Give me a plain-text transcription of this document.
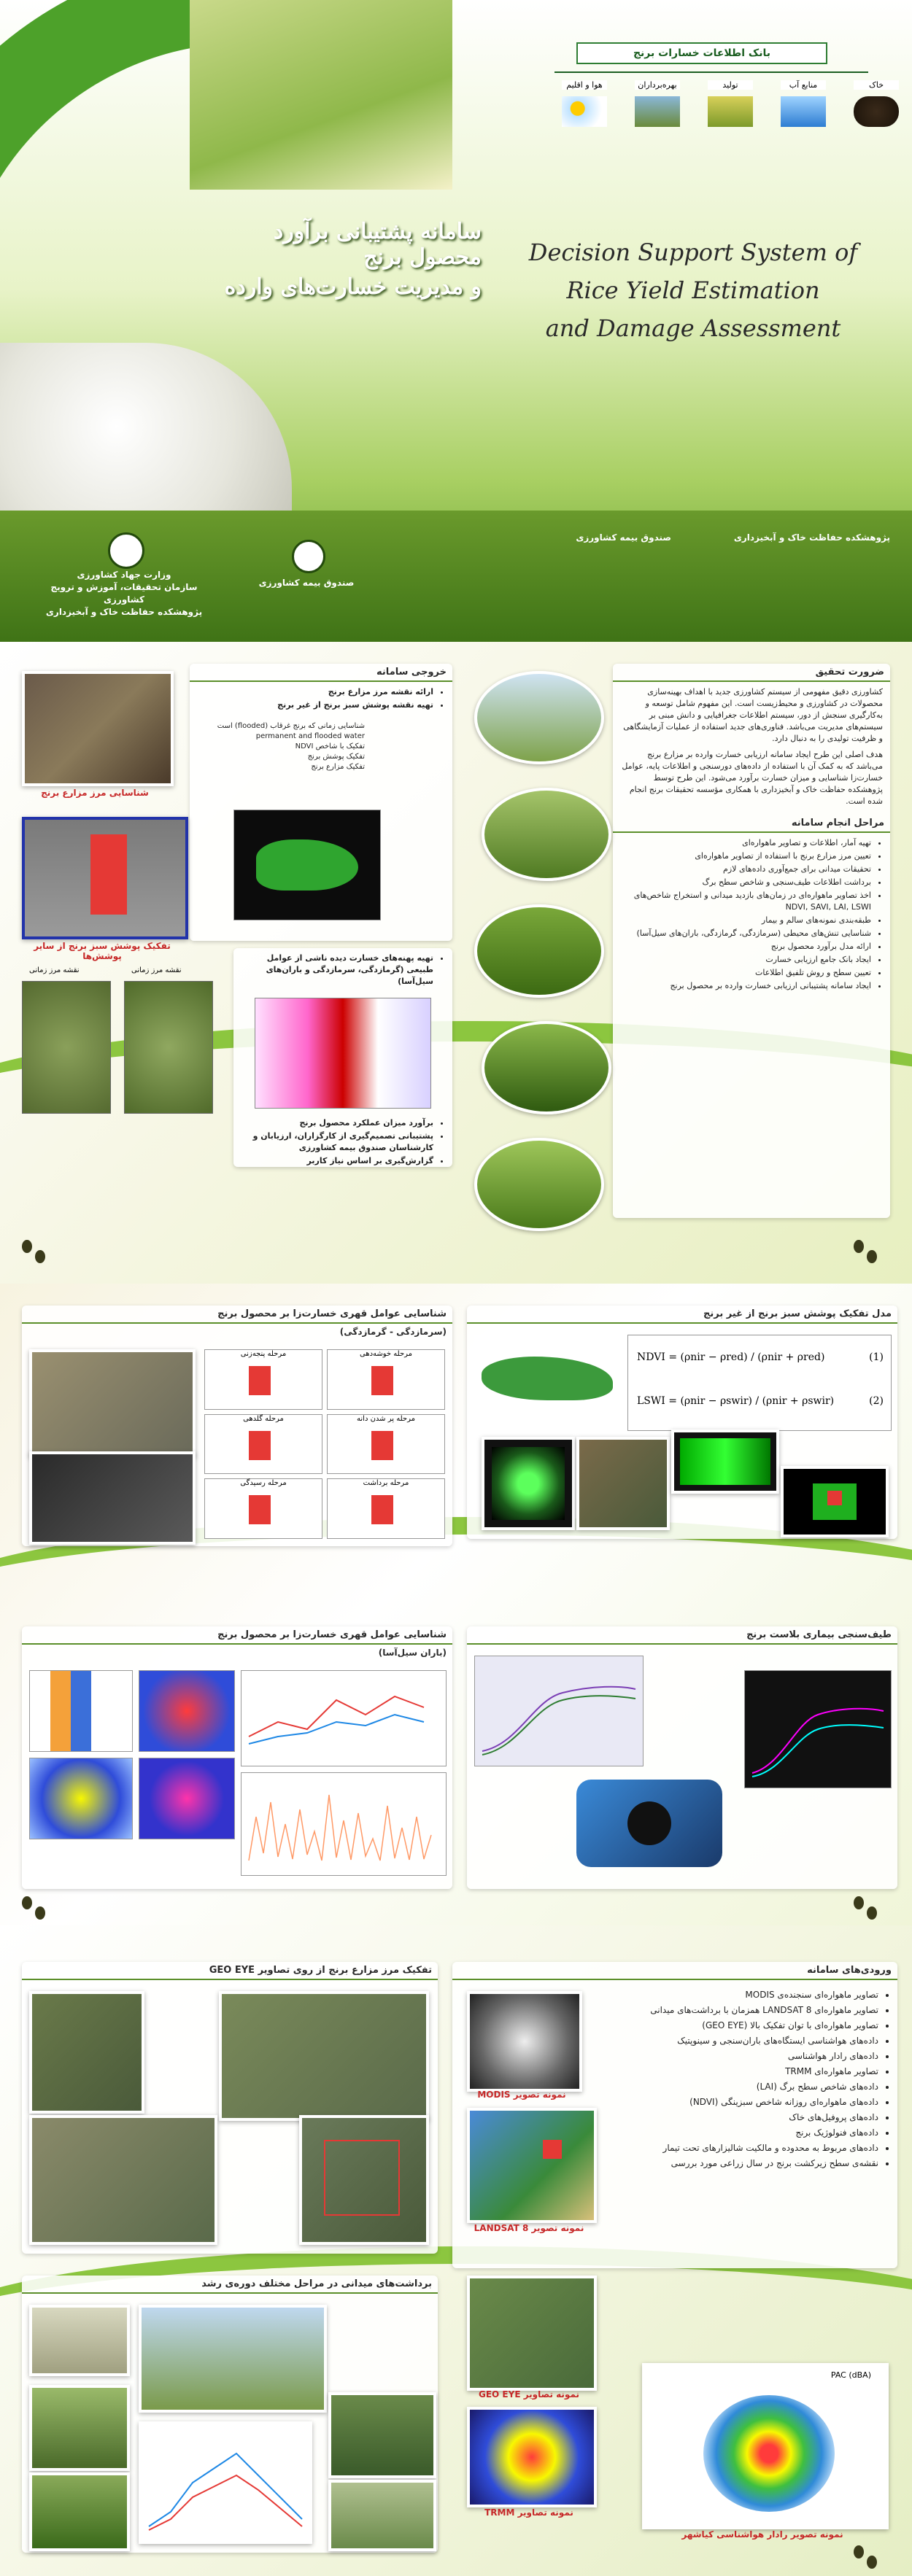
بانک اطلاعات خسارات برنج
خاک
منابع آب
تولید
بهره‌برداران
هوا و اقلیم
سامانه پشتیبانی برآورد محصول برنج
و مدیریت خسارت‌های وارده
Decision Support System of
Rice Yield Estimation
and Damage Assessment
وزارت جهاد کشاورزی
سازمان تحقیقات، آموزش و ترویج کشاورزی
پژوهشکده حفاظت خاک و آبخیزداری
صندوق بیمه کشاورزی
صندوق بیمه کشاورزی	پژوهشکده حفاظت خاک و آبخیزداری
ضرورت تحقیق
کشاورزی دقیق مفهومی از سیستم کشاورزی جدید با اهداف بهینه‌سازی محصولات در کشاورزی و محیط‌زیست است. این مفهوم شامل توسعه و به‌کارگیری سنجش از دور، سیستم اطلاعات جغرافیایی و دانش مبنی بر سیستم‌های مدیریت می‌باشد. فناوری‌های جدید استفاده از عملیات آزمایشگاهی و ظرفیت تولیدی را به دنبال دارد.
هدف اصلی این طرح ایجاد سامانه ارزیابی خسارت وارده بر مزارع برنج می‌باشد که به کمک آن با استفاده از داده‌های دورسنجی و اطلاعات پایه، عوامل خسارت‌زا شناسایی و میزان خسارت برآورد می‌شود. این طرح توسط پژوهشکده حفاظت خاک و آبخیزداری با همکاری مؤسسه تحقیقات برنج انجام شده است.
مراحل انجام سامانه
• تهیه آمار، اطلاعات و تصاویر ماهواره‌ای
• تعیین مرز مزارع برنج با استفاده از تصاویر ماهواره‌ای
• تحقیقات میدانی برای جمع‌آوری داده‌های لازم
• برداشت اطلاعات طیف‌سنجی و شاخص سطح برگ
• اخذ تصاویر ماهواره‌ای در زمان‌های بازدید میدانی و استخراج شاخص‌های NDVI, SAVI, LAI, LSWI
• طبقه‌بندی نمونه‌های سالم و بیمار
• شناسایی تنش‌های محیطی (سرمازدگی، گرمازدگی، باران‌های سیل‌آسا)
• ارائه مدل برآورد محصول برنج
• ایجاد بانک جامع ارزیابی خسارت
• تعیین سطح و روش تلفیق اطلاعات
• ایجاد سامانه پشتیبانی ارزیابی خسارت وارده بر محصول برنج
خروجی سامانه
• ارائه نقشه مرز مزارع برنج
• تهیه نقشه پوشش سبز برنج از غیر برنج
شناسایی زمانی که برنج غرقاب (flooded) است
permanent and flooded water
تفکیک با شاخص NDVI
تفکیک پوشش برنج
تفکیک مزارع برنج
• تهیه پهنه‌های خسارت دیده ناشی از عوامل طبیعی (گرمازدگی، سرمازدگی و باران‌های سیل‌آسا)
• برآورد میزان عملکرد محصول برنج
• پشتیبانی تصمیم‌گیری از کارگزاران، ارزیابان و کارشناسان صندوق بیمه کشاورزی
• گزارش‌گیری بر اساس نیاز کاربر
شناسایی مرز مزارع برنج
تفکیک پوشش سبز برنج از سایر پوشش‌ها
نقشه مرز زمانی	نقشه مرز زمانی
مدل تفکیک پوشش سبز برنج از غیر برنج
NDVI = (ρnir − ρred) / (ρnir + ρred)	(1)
LSWI = (ρnir − ρswir) / (ρnir + ρswir)	(2)
شناسایی عوامل قهری خسارت‌زا بر محصول برنج
(سرمازدگی - گرمازدگی)
مرحله پنجه‌زنی	مرحله خوشه‌دهی
مرحله گلدهی	مرحله پر شدن دانه
مرحله رسیدگی	مرحله برداشت
شناسایی عوامل قهری خسارت‌زا بر محصول برنج
(باران سیل‌آسا)
طیف‌سنجی بیماری بلاست برنج
تفکیک مرز مزارع برنج از روی تصاویر GEO EYE
برداشت‌های میدانی در مراحل مختلف دوره‌ی رشد
ورودی‌های سامانه
• تصاویر ماهواره‌ای سنجنده‌ی MODIS
• تصاویر ماهواره‌ای LANDSAT 8 همزمان با برداشت‌های میدانی
• تصاویر ماهواره‌ای با توان تفکیک بالا (GEO EYE)
• داده‌های هواشناسی ایستگاه‌های باران‌سنجی و سینوپتیک
• داده‌های رادار هواشناسی
• تصاویر ماهواره‌ای TRMM
• داده‌های شاخص سطح برگ (LAI)
• داده‌های ماهواره‌ای روزانه شاخص سبزینگی (NDVI)
• داده‌های پروفیل‌های خاک
• داده‌های فنولوژیک برنج
• داده‌های مربوط به محدوده و مالکیت شالیزارهای تحت تیمار
• نقشه‌ی سطح زیرکشت برنج در سال زراعی مورد بررسی
نمونه تصویر MODIS
نمونه تصویر LANDSAT 8
نمونه تصاویر GEO EYE
نمونه تصاویر TRMM
PAC (dBA)
نمونه تصویر رادار هواشناسی کیاشهر
